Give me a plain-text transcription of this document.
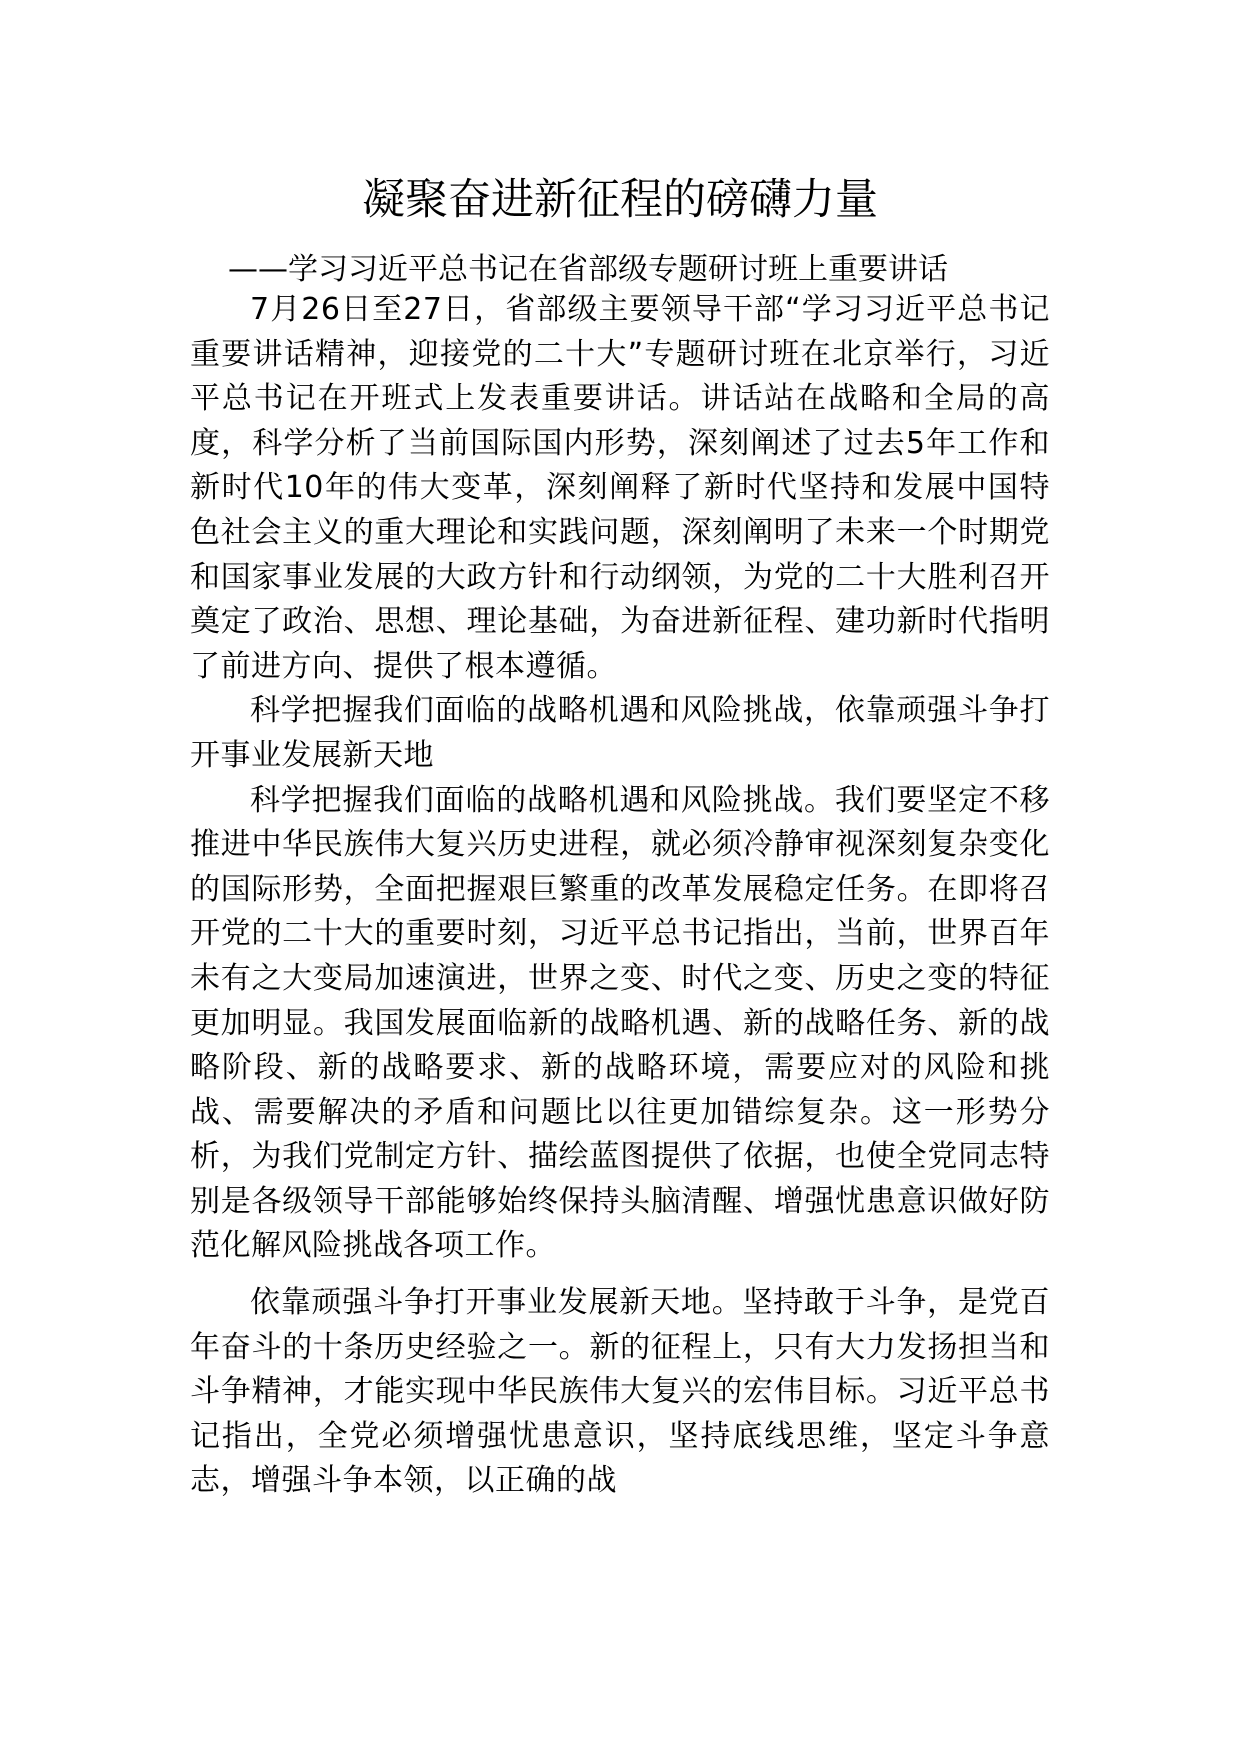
凝聚奋进新征程的磅礴力量
——学习习近平总书记在省部级专题研讨班上重要讲话

7月26日至27日，省部级主要领导干部“学习习近平总书记重要讲话精神，迎接党的二十大”专题研讨班在北京举行，习近平总书记在开班式上发表重要讲话。讲话站在战略和全局的高度，科学分析了当前国际国内形势，深刻阐述了过去5年工作和新时代10年的伟大变革，深刻阐释了新时代坚持和发展中国特色社会主义的重大理论和实践问题，深刻阐明了未来一个时期党和国家事业发展的大政方针和行动纲领，为党的二十大胜利召开奠定了政治、思想、理论基础，为奋进新征程、建功新时代指明了前进方向、提供了根本遵循。

科学把握我们面临的战略机遇和风险挑战，依靠顽强斗争打开事业发展新天地

科学把握我们面临的战略机遇和风险挑战。我们要坚定不移推进中华民族伟大复兴历史进程，就必须冷静审视深刻复杂变化的国际形势，全面把握艰巨繁重的改革发展稳定任务。在即将召开党的二十大的重要时刻，习近平总书记指出，当前，世界百年未有之大变局加速演进，世界之变、时代之变、历史之变的特征更加明显。我国发展面临新的战略机遇、新的战略任务、新的战略阶段、新的战略要求、新的战略环境，需要应对的风险和挑战、需要解决的矛盾和问题比以往更加错综复杂。这一形势分析，为我们党制定方针、描绘蓝图提供了依据，也使全党同志特别是各级领导干部能够始终保持头脑清醒、增强忧患意识做好防范化解风险挑战各项工作。

依靠顽强斗争打开事业发展新天地。坚持敢于斗争，是党百年奋斗的十条历史经验之一。新的征程上，只有大力发扬担当和斗争精神，才能实现中华民族伟大复兴的宏伟目标。习近平总书记指出，全党必须增强忧患意识，坚持底线思维，坚定斗争意志，增强斗争本领，以正确的战
